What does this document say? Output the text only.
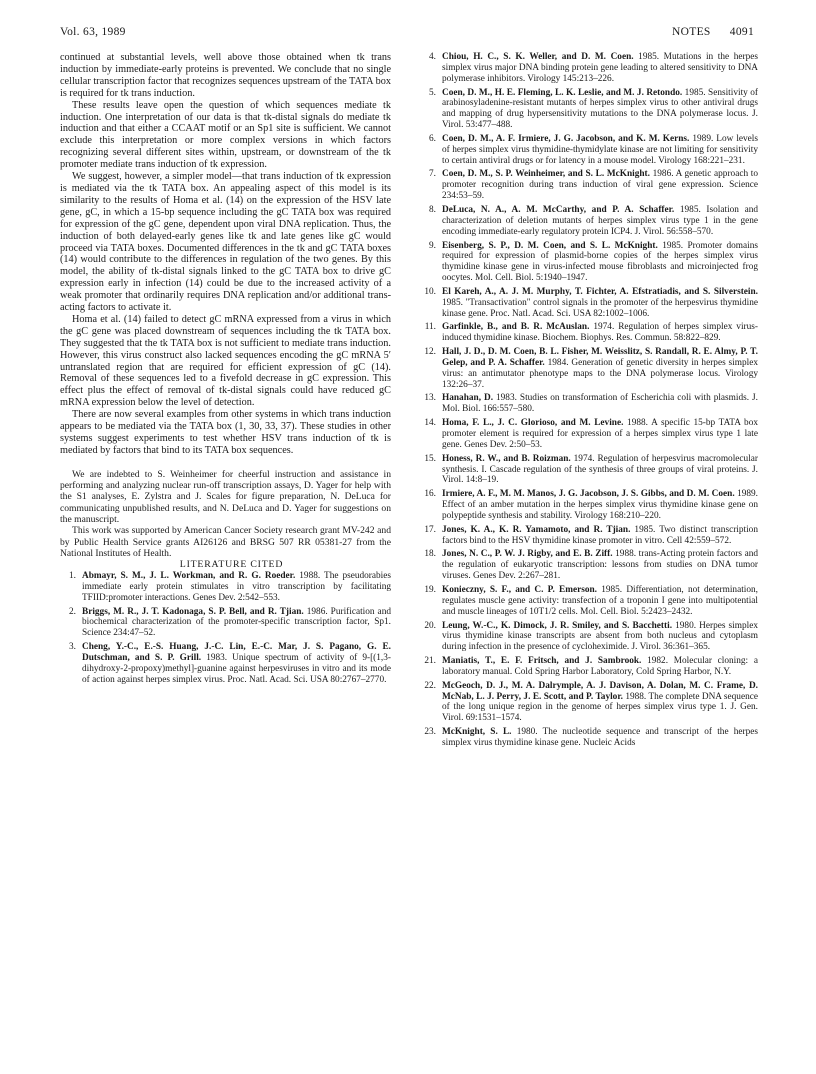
Vol. 63, 1989	NOTES 4091

continued at substantial levels, well above those obtained when tk trans induction by immediate-early proteins is prevented. We conclude that no single cellular transcription factor that recognizes sequences upstream of the TATA box is required for tk trans induction.

These results leave open the question of which sequences mediate tk induction. One interpretation of our data is that tk-distal signals do mediate tk induction and that either a CCAAT motif or an Sp1 site is sufficient. We cannot exclude this interpretation or more complex versions in which factors recognizing several different sites within, upstream, or downstream of the tk promoter mediate trans induction of tk expression.

We suggest, however, a simpler model—that trans induction of tk expression is mediated via the tk TATA box. An appealing aspect of this model is its similarity to the results of Homa et al. (14) on the expression of the HSV late gene, gC, in which a 15-bp sequence including the gC TATA box was required for expression of the gC gene, dependent upon viral DNA replication. Thus, the induction of both delayed-early genes like tk and late genes like gC would proceed via TATA boxes. Documented differences in the tk and gC TATA boxes (14) would contribute to the differences in regulation of the two genes. By this model, the ability of tk-distal signals linked to the gC TATA box to drive gC expression early in infection (14) could be due to the increased activity of a weak promoter that ordinarily requires DNA replication and/or additional trans-acting factors to activate it.

Homa et al. (14) failed to detect gC mRNA expressed from a virus in which the gC gene was placed downstream of sequences including the tk TATA box. They suggested that the tk TATA box is not sufficient to mediate trans induction. However, this virus construct also lacked sequences encoding the gC mRNA 5′ untranslated region that are required for efficient expression of gC (14). Removal of these sequences led to a fivefold decrease in gC expression. This effect plus the effect of removal of tk-distal signals could have reduced gC mRNA expression below the level of detection.

There are now several examples from other systems in which trans induction appears to be mediated via the TATA box (1, 30, 33, 37). These studies in other systems suggest experiments to test whether HSV trans induction of tk is mediated by factors that bind to its TATA box sequences.

We are indebted to S. Weinheimer for cheerful instruction and assistance in performing and analyzing nuclear run-off transcription assays, D. Yager for help with the S1 analyses, E. Zylstra and J. Scales for figure preparation, N. DeLuca for communicating unpublished results, and N. DeLuca and D. Yager for suggestions on the manuscript.

This work was supported by American Cancer Society research grant MV-242 and by Public Health Service grants AI26126 and BRSG 507 RR 05381-27 from the National Institutes of Health.

LITERATURE CITED

1. Abmayr, S. M., J. L. Workman, and R. G. Roeder. 1988. The pseudorabies immediate early protein stimulates in vitro transcription by facilitating TFIID:promoter interactions. Genes Dev. 2:542–553.
2. Briggs, M. R., J. T. Kadonaga, S. P. Bell, and R. Tjian. 1986. Purification and biochemical characterization of the promoter-specific transcription factor, Sp1. Science 234:47–52.
3. Cheng, Y.-C., E.-S. Huang, J.-C. Lin, E.-C. Mar, J. S. Pagano, G. E. Dutschman, and S. P. Grill. 1983. Unique spectrum of activity of 9-[(1,3-dihydroxy-2-propoxy)methyl]-guanine against herpesviruses in vitro and its mode of action against herpes simplex virus. Proc. Natl. Acad. Sci. USA 80:2767–2770.
4. Chiou, H. C., S. K. Weller, and D. M. Coen. 1985. Mutations in the herpes simplex virus major DNA binding protein gene leading to altered sensitivity to DNA polymerase inhibitors. Virology 145:213–226.
5. Coen, D. M., H. E. Fleming, L. K. Leslie, and M. J. Retondo. 1985. Sensitivity of arabinosyladenine-resistant mutants of herpes simplex virus to other antiviral drugs and mapping of drug hypersensitivity mutations to the DNA polymerase locus. J. Virol. 53:477–488.
6. Coen, D. M., A. F. Irmiere, J. G. Jacobson, and K. M. Kerns. 1989. Low levels of herpes simplex virus thymidine-thymidylate kinase are not limiting for sensitivity to certain antiviral drugs or for latency in a mouse model. Virology 168:221–231.
7. Coen, D. M., S. P. Weinheimer, and S. L. McKnight. 1986. A genetic approach to promoter recognition during trans induction of viral gene expression. Science 234:53–59.
8. DeLuca, N. A., A. M. McCarthy, and P. A. Schaffer. 1985. Isolation and characterization of deletion mutants of herpes simplex virus type 1 in the gene encoding immediate-early regulatory protein ICP4. J. Virol. 56:558–570.
9. Eisenberg, S. P., D. M. Coen, and S. L. McKnight. 1985. Promoter domains required for expression of plasmid-borne copies of the herpes simplex virus thymidine kinase gene in virus-infected mouse fibroblasts and microinjected frog oocytes. Mol. Cell. Biol. 5:1940–1947.
10. El Kareh, A., A. J. M. Murphy, T. Fichter, A. Efstratiadis, and S. Silverstein. 1985. "Transactivation" control signals in the promoter of the herpesvirus thymidine kinase gene. Proc. Natl. Acad. Sci. USA 82:1002–1006.
11. Garfinkle, B., and B. R. McAuslan. 1974. Regulation of herpes simplex virus-induced thymidine kinase. Biochem. Biophys. Res. Commun. 58:822–829.
12. Hall, J. D., D. M. Coen, B. L. Fisher, M. Weisslitz, S. Randall, R. E. Almy, P. T. Gelep, and P. A. Schaffer. 1984. Generation of genetic diversity in herpes simplex virus: an antimutator phenotype maps to the DNA polymerase locus. Virology 132:26–37.
13. Hanahan, D. 1983. Studies on transformation of Escherichia coli with plasmids. J. Mol. Biol. 166:557–580.
14. Homa, F. L., J. C. Glorioso, and M. Levine. 1988. A specific 15-bp TATA box promoter element is required for expression of a herpes simplex virus type 1 late gene. Genes Dev. 2:50–53.
15. Honess, R. W., and B. Roizman. 1974. Regulation of herpesvirus macromolecular synthesis. I. Cascade regulation of the synthesis of three groups of viral proteins. J. Virol. 14:8–19.
16. Irmiere, A. F., M. M. Manos, J. G. Jacobson, J. S. Gibbs, and D. M. Coen. 1989. Effect of an amber mutation in the herpes simplex virus thymidine kinase gene on polypeptide synthesis and stability. Virology 168:210–220.
17. Jones, K. A., K. R. Yamamoto, and R. Tjian. 1985. Two distinct transcription factors bind to the HSV thymidine kinase promoter in vitro. Cell 42:559–572.
18. Jones, N. C., P. W. J. Rigby, and E. B. Ziff. 1988. trans-Acting protein factors and the regulation of eukaryotic transcription: lessons from studies on DNA tumor viruses. Genes Dev. 2:267–281.
19. Konieczny, S. F., and C. P. Emerson. 1985. Differentiation, not determination, regulates muscle gene activity: transfection of a troponin I gene into multipotential and muscle lineages of 10T1/2 cells. Mol. Cell. Biol. 5:2423–2432.
20. Leung, W.-C., K. Dimock, J. R. Smiley, and S. Bacchetti. 1980. Herpes simplex virus thymidine kinase transcripts are absent from both nucleus and cytoplasm during infection in the presence of cycloheximide. J. Virol. 36:361–365.
21. Maniatis, T., E. F. Fritsch, and J. Sambrook. 1982. Molecular cloning: a laboratory manual. Cold Spring Harbor Laboratory, Cold Spring Harbor, N.Y.
22. McGeoch, D. J., M. A. Dalrymple, A. J. Davison, A. Dolan, M. C. Frame, D. McNab, L. J. Perry, J. E. Scott, and P. Taylor. 1988. The complete DNA sequence of the long unique region in the genome of herpes simplex virus type 1. J. Gen. Virol. 69:1531–1574.
23. McKnight, S. L. 1980. The nucleotide sequence and transcript of the herpes simplex virus thymidine kinase gene. Nucleic Acids
